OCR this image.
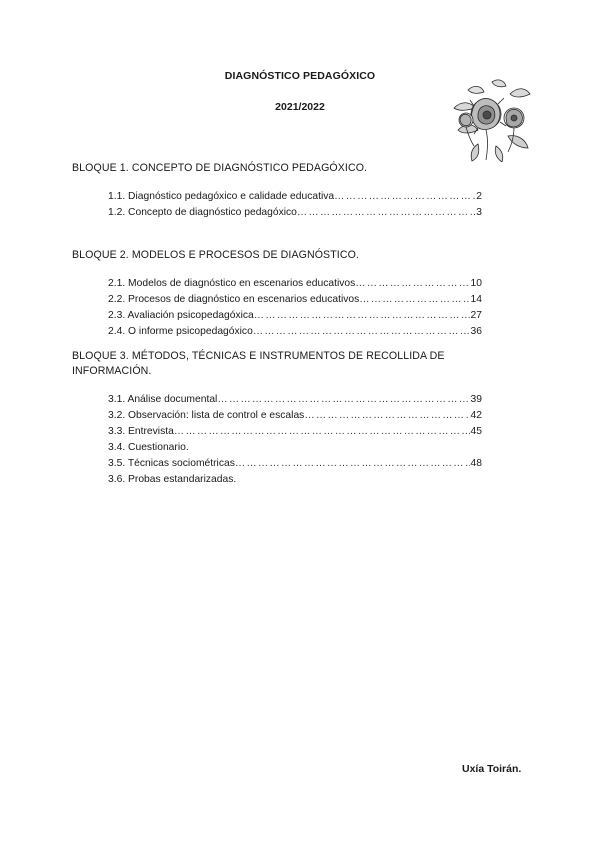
DIAGNÓSTICO PEDAGÓXICO
2021/2022
BLOQUE 1. CONCEPTO DE DIAGNÓSTICO PEDAGÓXICO.
1.1. Diagnóstico pedagóxico e calidade educativa …………………………………………………………………………………………………………………………	2
1.2. Concepto de diagnóstico pedagóxico …………………………………………………………………………………………………………………………	3
BLOQUE 2. MODELOS E PROCESOS DE DIAGNÓSTICO.
2.1. Modelos de diagnóstico en escenarios educativos …………………………………………………………………………………………………………………………	10
2.2. Procesos de diagnóstico en escenarios educativos …………………………………………………………………………………………………………………………	14
2.3. Avaliación psicopedagóxica …………………………………………………………………………………………………………………………	27
2.4. O informe psicopedagóxico …………………………………………………………………………………………………………………………	36
BLOQUE 3. MÉTODOS, TÉCNICAS E INSTRUMENTOS DE RECOLLIDA DE INFORMACIÓN.
3.1. Análise documental …………………………………………………………………………………………………………………………	39
3.2. Observación: lista de control e escalas …………………………………………………………………………………………………………………………	42
3.3. Entrevista …………………………………………………………………………………………………………………………	45
3.4. Cuestionario.
3.5. Técnicas sociométricas …………………………………………………………………………………………………………………………	48
3.6. Probas estandarizadas.
Uxía Toirán.
